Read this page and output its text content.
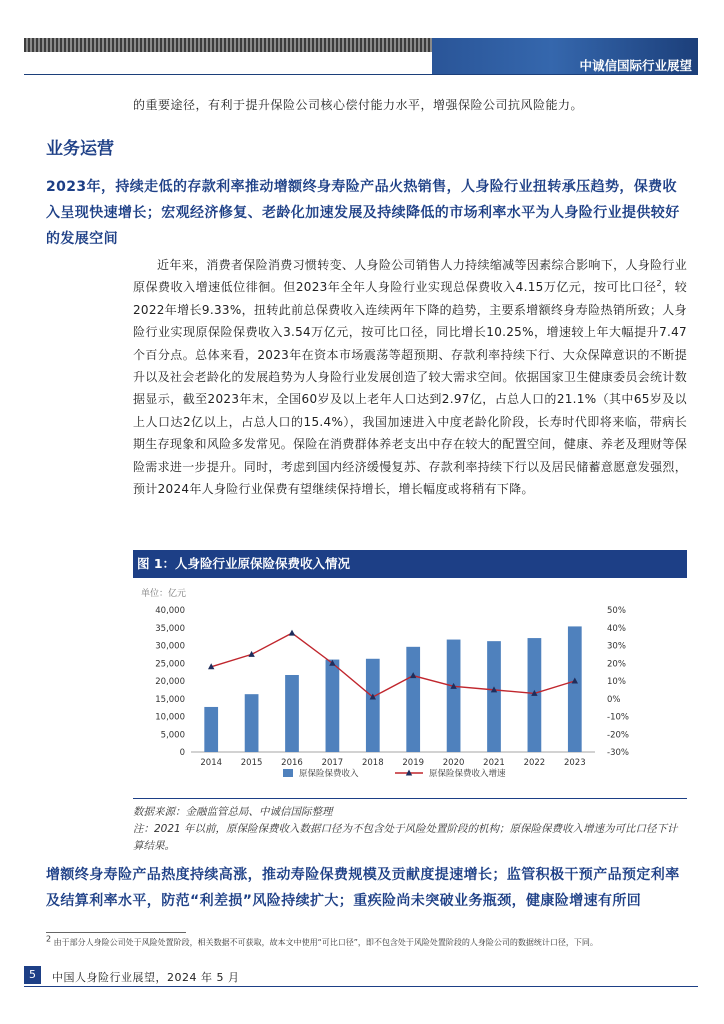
中诚信国际行业展望
的重要途径，有利于提升保险公司核心偿付能力水平，增强保险公司抗风险能力。
业务运营
2023年，持续走低的存款利率推动增额终身寿险产品火热销售，人身险行业扭转承压趋势，保费收入呈现快速增长；宏观经济修复、老龄化加速发展及持续降低的市场利率水平为人身险行业提供较好的发展空间
近年来，消费者保险消费习惯转变、人身险公司销售人力持续缩减等因素综合影响下，人身险行业原保费收入增速低位徘徊。但2023年全年人身险行业实现总保费收入4.15万亿元，按可比口径$^2$，较2022年增长9.33%，扭转此前总保费收入连续两年下降的趋势，主要系增额终身寿险热销所致；人身险行业实现原保险保费收入3.54万亿元，按可比口径，同比增长10.25%，增速较上年大幅提升7.47个百分点。总体来看，2023年在资本市场震荡等超预期、存款利率持续下行、大众保障意识的不断提升以及社会老龄化的发展趋势为人身险行业发展创造了较大需求空间。依据国家卫生健康委员会统计数据显示，截至2023年末，全国60岁及以上老年人口达到2.97亿，占总人口的21.1%（其中65岁及以上人口达2亿以上，占总人口的15.4%），我国加速进入中度老龄化阶段，长寿时代即将来临，带病长期生存现象和风险多发常见。保险在消费群体养老支出中存在较大的配置空间，健康、养老及理财等保险需求进一步提升。同时，考虑到国内经济缓慢复苏、存款利率持续下行以及居民储蓄意愿意发强烈，预计2024年人身险行业保费有望继续保持增长，增长幅度或将稍有下降。
图 1：人身险行业原保险保费收入情况
单位：亿元
0
5,000
10,000
15,000
20,000
25,000
30,000
35,000
40,000
-30%
-20%
-10%
0%
10%
20%
30%
40%
50%
2014 2015 2016 2017 2018 2019 2020 2021 2022 2023
原保险保费收入	原保险保费收入增速
数据来源：金融监管总局、中诚信国际整理
注：2021 年以前，原保险保费收入数据口径为不包含处于风险处置阶段的机构；原保险保费收入增速为可比口径下计算结果。
增额终身寿险产品热度持续高涨，推动寿险保费规模及贡献度提速增长；监管积极干预产品预定利率及结算利率水平，防范“利差损”风险持续扩大；重疾险尚未突破业务瓶颈，健康险增速有所回
$^2$ 由于部分人身险公司处于风险处置阶段，相关数据不可获取，故本文中使用“可比口径”，即不包含处于风险处置阶段的人身险公司的数据统计口径，下同。
5	中国人身险行业展望，2024 年 5 月
